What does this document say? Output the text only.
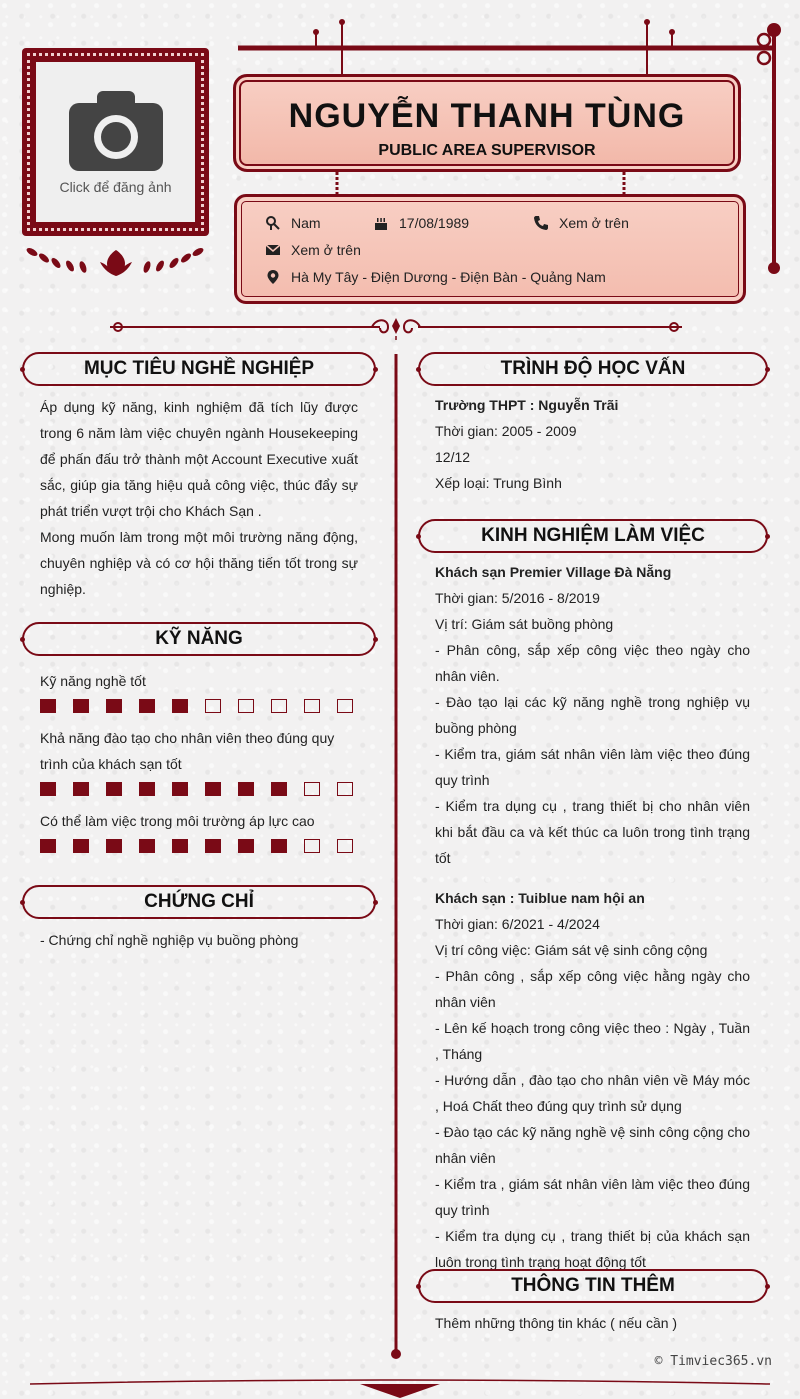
Click để đăng ảnh
NGUYỄN THANH TÙNG
PUBLIC AREA SUPERVISOR
Nam	17/08/1989	Xem ở trên
Xem ở trên
Hà My Tây - Điện Dương - Điện Bàn - Quảng Nam
MỤC TIÊU NGHỀ NGHIỆP
Áp dụng kỹ năng, kinh nghiệm đã tích lũy được trong 6 năm làm việc chuyên ngành Housekeeping để phấn đấu trở thành một Account Executive xuất sắc, giúp gia tăng hiệu quả công việc, thúc đẩy sự phát triển vượt trội cho Khách Sạn .
Mong muốn làm trong một môi trường năng động, chuyên nghiệp và có cơ hội thăng tiến tốt trong sự nghiệp.
KỸ NĂNG
Kỹ năng nghề tốt
Khả năng đào tạo cho nhân viên theo đúng quy trình của khách sạn tốt
Có thể làm việc trong môi trường áp lực cao
CHỨNG CHỈ
- Chứng chỉ nghề nghiệp vụ buồng phòng
TRÌNH ĐỘ HỌC VẤN
Trường THPT : Nguyễn Trãi
Thời gian: 2005 - 2009
12/12
Xếp loại: Trung Bình
KINH NGHIỆM LÀM VIỆC
Khách sạn Premier Village Đà Nẵng
Thời gian: 5/2016 - 8/2019
Vị trí: Giám sát buồng phòng
- Phân công, sắp xếp công việc theo ngày cho nhân viên.
- Đào tạo lại các kỹ năng nghề trong nghiệp vụ buồng phòng
- Kiểm tra, giám sát nhân viên làm việc theo đúng quy trình
- Kiểm tra dụng cụ , trang thiết bị cho nhân viên khi bắt đầu ca và kết thúc ca luôn trong tình trạng tốt
Khách sạn : Tuiblue nam hội an
Thời gian: 6/2021 - 4/2024
Vị trí công việc: Giám sát vệ sinh công cộng
- Phân công , sắp xếp công việc hằng ngày cho nhân viên
- Lên kế hoạch trong công việc theo : Ngày , Tuần , Tháng
- Hướng dẫn , đào tạo cho nhân viên về Máy móc , Hoá Chất theo đúng quy trình sử dụng
- Đào tạo các kỹ năng nghề vệ sinh công cộng cho nhân viên
- Kiểm tra , giám sát nhân viên làm việc theo đúng quy trình
- Kiểm tra dụng cụ , trang thiết bị của khách sạn luôn trong tình trạng hoạt động tốt
THÔNG TIN THÊM
Thêm những thông tin khác ( nếu cần )
© Timviec365.vn
